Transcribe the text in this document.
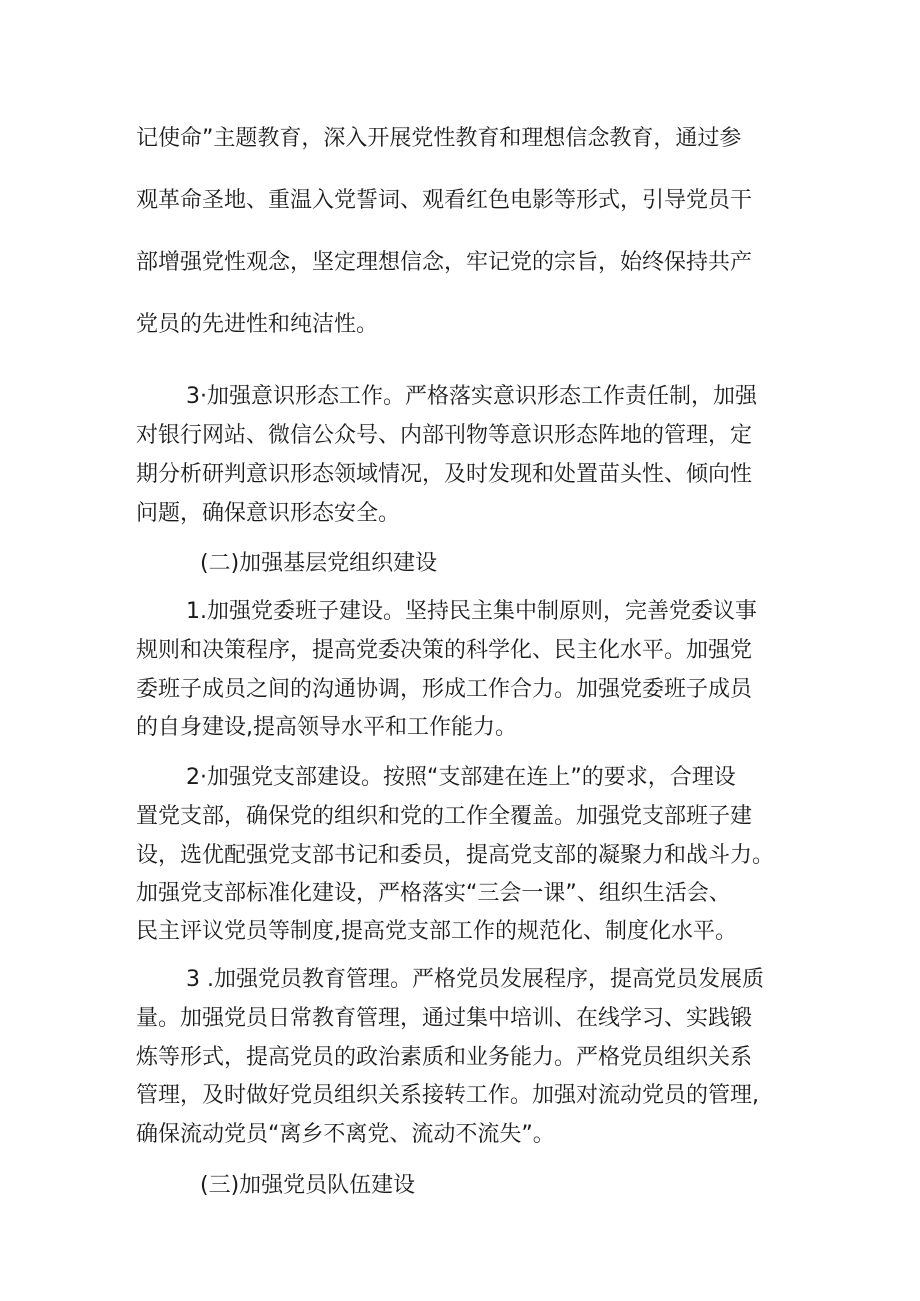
记使命”主题教育，深入开展党性教育和理想信念教育，通过参

观革命圣地、重温入党誓词、观看红色电影等形式，引导党员干

部增强党性观念，坚定理想信念，牢记党的宗旨，始终保持共产

党员的先进性和纯洁性。

3·加强意识形态工作。严格落实意识形态工作责任制，加强

对银行网站、微信公众号、内部刊物等意识形态阵地的管理，定

期分析研判意识形态领域情况，及时发现和处置苗头性、倾向性

问题，确保意识形态安全。

(二)加强基层党组织建设

1.加强党委班子建设。坚持民主集中制原则，完善党委议事

规则和决策程序，提高党委决策的科学化、民主化水平。加强党

委班子成员之间的沟通协调，形成工作合力。加强党委班子成员

的自身建设,提高领导水平和工作能力。

2·加强党支部建设。按照“支部建在连上”的要求，合理设

置党支部，确保党的组织和党的工作全覆盖。加强党支部班子建

设，选优配强党支部书记和委员，提高党支部的凝聚力和战斗力。

加强党支部标准化建设，严格落实“三会一课”、组织生活会、

民主评议党员等制度,提高党支部工作的规范化、制度化水平。

3 .加强党员教育管理。严格党员发展程序，提高党员发展质

量。加强党员日常教育管理，通过集中培训、在线学习、实践锻

炼等形式，提高党员的政治素质和业务能力。严格党员组织关系

管理，及时做好党员组织关系接转工作。加强对流动党员的管理,

确保流动党员“离乡不离党、流动不流失”。

(三)加强党员队伍建设
